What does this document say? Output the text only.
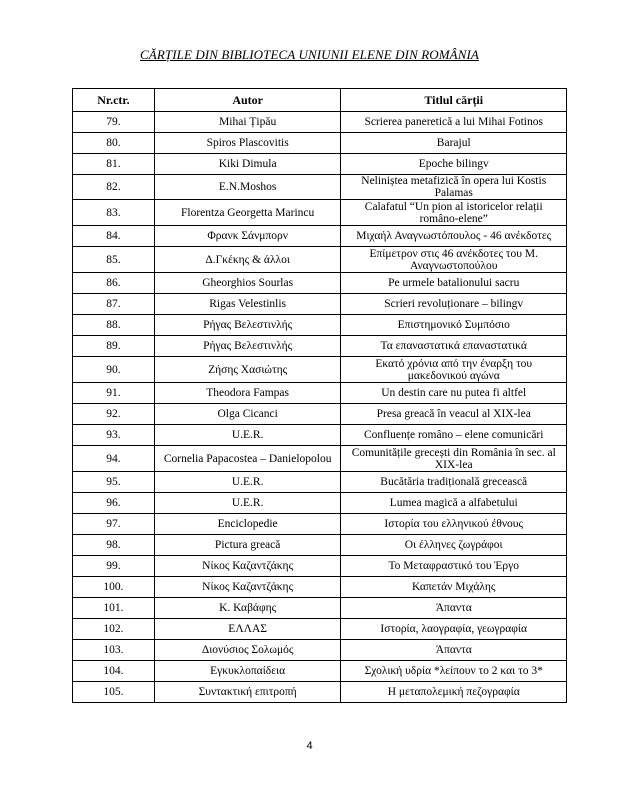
CĂRȚILE DIN BIBLIOTECA UNIUNII ELENE DIN ROMÂNIA
Nr.ctr.	Autor	Titlul cărții
79.	Mihai Țipău	Scrierea paneretică a lui Mihai Fotinos
80.	Spiros Plascovitis	Barajul
81.	Kiki Dimula	Epoche bilingv
82.	E.N.Moshos	Neliniștea metafizică în opera lui Kostis Palamas
83.	Florentza Georgetta Marincu	Calafatul “Un pion al istoricelor relații româno-elene”
84.	Φρανκ Σάνμπορν	Μιχαήλ Αναγνωστόπουλος - 46 ανέκδοτες
85.	Δ.Γκέκης & άλλοι	Επίμετρον στις 46 ανέκδοτες του Μ. Αναγνωστοπούλου
86.	Gheorghios Sourlas	Pe urmele batalionului sacru
87.	Rigas Velestinlis	Scrieri revoluționare – bilingv
88.	Ρήγας Βελεστινλής	Επιστημονικό Συμπόσιο
89.	Ρήγας Βελεστινλής	Τα επαναστατικά επαναστατικά
90.	Ζήσης Χασιώτης	Εκατό χρόνια από την έναρξη του μακεδονικού αγώνα
91.	Theodora Fampas	Un destin care nu putea fi altfel
92.	Olga Cicanci	Presa greacă în veacul al XIX-lea
93.	U.E.R.	Confluențe româno – elene comunicări
94.	Cornelia Papacostea – Danielopolou	Comunitățile grecești din România în sec. al XIX-lea
95.	U.E.R.	Bucătăria tradițională grecească
96.	U.E.R.	Lumea magică a alfabetului
97.	Enciclopedie	Ιστορία του ελληνικού έθνους
98.	Pictura greacă	Οι έλληνες ζωγράφοι
99.	Νίκος Καζαντζάκης	Το Μεταφραστικό του Έργο
100.	Νίκος Καζαντζάκης	Καπετάν Μιχάλης
101.	Κ. Καβάφης	Άπαντα
102.	ΕΛΛΑΣ	Ιστορία, λαογραφία, γεωγραφία
103.	Διονύσιος Σολωμός	Άπαντα
104.	Εγκυκλοπαίδεια	Σχολική υδρία *λείπουν το 2 και το 3*
105.	Συντακτική επιτροπή	Η μεταπολεμική πεζογραφία
4
